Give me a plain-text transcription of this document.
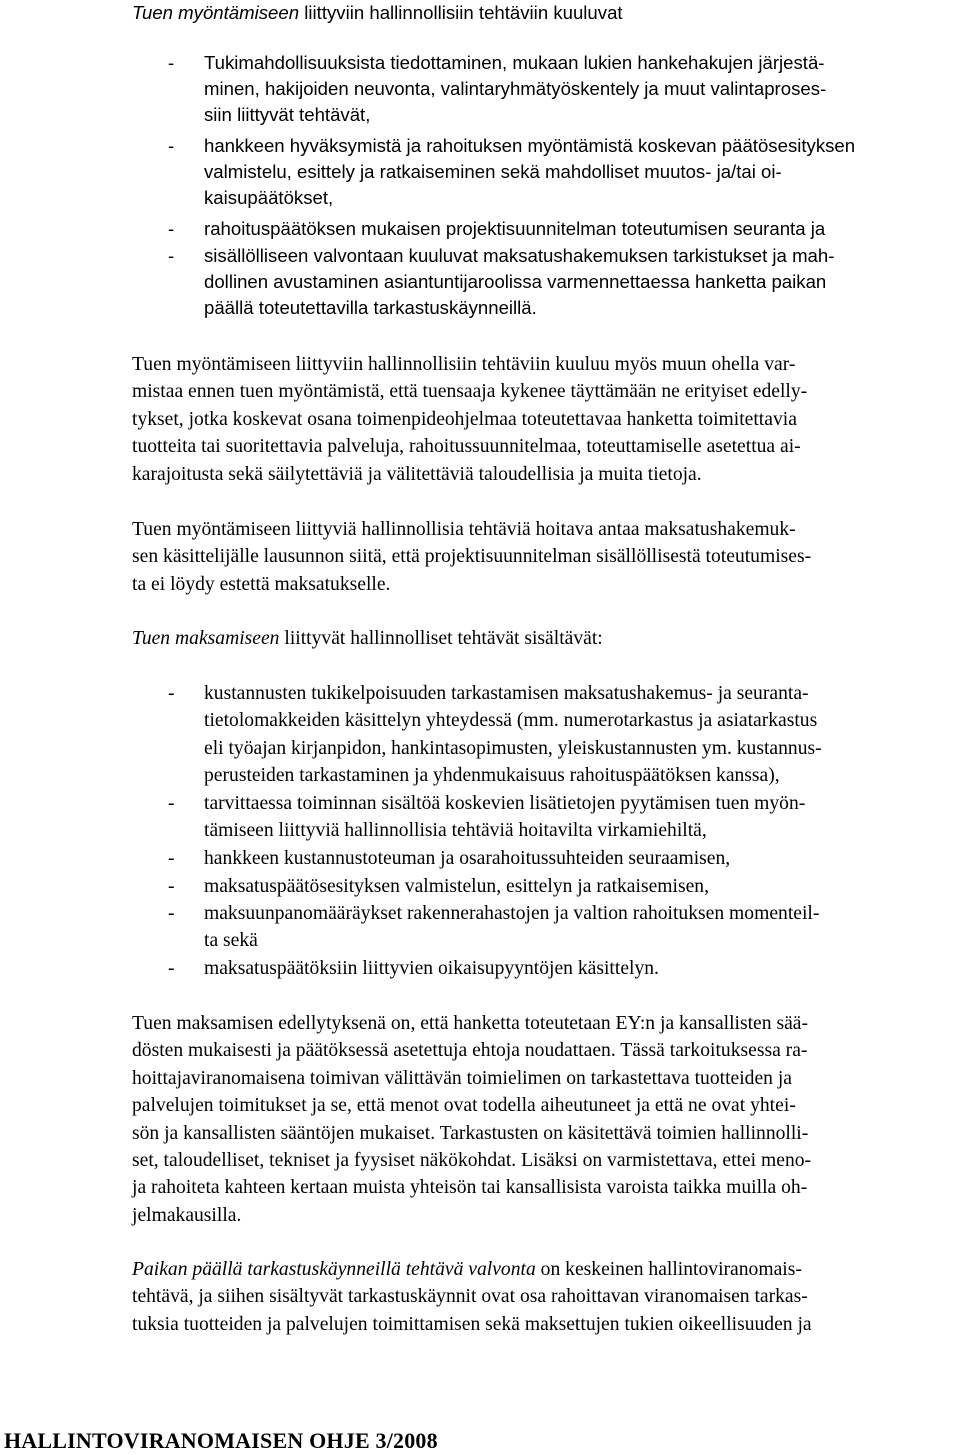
Tuen myöntämiseen liittyviin hallinnollisiin tehtäviin kuuluvat
- Tukimahdollisuuksista tiedottaminen, mukaan lukien hankehakujen järjestä-
minen, hakijoiden neuvonta, valintaryhmätyöskentely ja muut valintaproses-
siin liittyvät tehtävät,
- hankkeen hyväksymistä ja rahoituksen myöntämistä koskevan päätösesityksen
valmistelu, esittely ja ratkaiseminen sekä mahdolliset muutos- ja/tai oi-
kaisupäätökset,
- rahoituspäätöksen mukaisen projektisuunnitelman toteutumisen seuranta ja
- sisällölliseen valvontaan kuuluvat maksatushakemuksen tarkistukset ja mah-
dollinen avustaminen asiantuntijaroolissa varmennettaessa hanketta paikan
päällä toteutettavilla tarkastuskäynneillä.
Tuen myöntämiseen liittyviin hallinnollisiin tehtäviin kuuluu myös muun ohella var-
mistaa ennen tuen myöntämistä, että tuensaaja kykenee täyttämään ne erityiset edelly-
tykset, jotka koskevat osana toimenpideohjelmaa toteutettavaa hanketta toimitettavia
tuotteita tai suoritettavia palveluja, rahoitussuunnitelmaa, toteuttamiselle asetettua ai-
karajoitusta sekä säilytettäviä ja välitettäviä taloudellisia ja muita tietoja.
Tuen myöntämiseen liittyviä hallinnollisia tehtäviä hoitava antaa maksatushakemuk-
sen käsittelijälle lausunnon siitä, että projektisuunnitelman sisällöllisestä toteutumises-
ta ei löydy estettä maksatukselle.
Tuen maksamiseen liittyvät hallinnolliset tehtävät sisältävät:
- kustannusten tukikelpoisuuden tarkastamisen maksatushakemus- ja seuranta-
tietolomakkeiden käsittelyn yhteydessä (mm. numerotarkastus ja asiatarkastus
eli työajan kirjanpidon, hankintasopimusten, yleiskustannusten ym. kustannus-
perusteiden tarkastaminen ja yhdenmukaisuus rahoituspäätöksen kanssa),
- tarvittaessa toiminnan sisältöä koskevien lisätietojen pyytämisen tuen myön-
tämiseen liittyviä hallinnollisia tehtäviä hoitavilta virkamiehiltä,
- hankkeen kustannustoteuman ja osarahoitussuhteiden seuraamisen,
- maksatuspäätösesityksen valmistelun, esittelyn ja ratkaisemisen,
- maksuunpanomääräykset rakennerahastojen ja valtion rahoituksen momenteil-
ta sekä
- maksatuspäätöksiin liittyvien oikaisupyyntöjen käsittelyn.
Tuen maksamisen edellytyksenä on, että hanketta toteutetaan EY:n ja kansallisten sää-
dösten mukaisesti ja päätöksessä asetettuja ehtoja noudattaen. Tässä tarkoituksessa ra-
hoittajaviranomaisena toimivan välittävän toimielimen on tarkastettava tuotteiden ja
palvelujen toimitukset ja se, että menot ovat todella aiheutuneet ja että ne ovat yhtei-
sön ja kansallisten sääntöjen mukaiset. Tarkastusten on käsitettävä toimien hallinnolli-
set, taloudelliset, tekniset ja fyysiset näkökohdat. Lisäksi on varmistettava, ettei meno-
ja rahoiteta kahteen kertaan muista yhteisön tai kansallisista varoista taikka muilla oh-
jelmakausilla.
Paikan päällä tarkastuskäynneillä tehtävä valvonta on keskeinen hallintoviranomais-
tehtävä, ja siihen sisältyvät tarkastuskäynnit ovat osa rahoittavan viranomaisen tarkas-
tuksia tuotteiden ja palvelujen toimittamisen sekä maksettujen tukien oikeellisuuden ja
HALLINTOVIRANOMAISEN OHJE 3/2008
